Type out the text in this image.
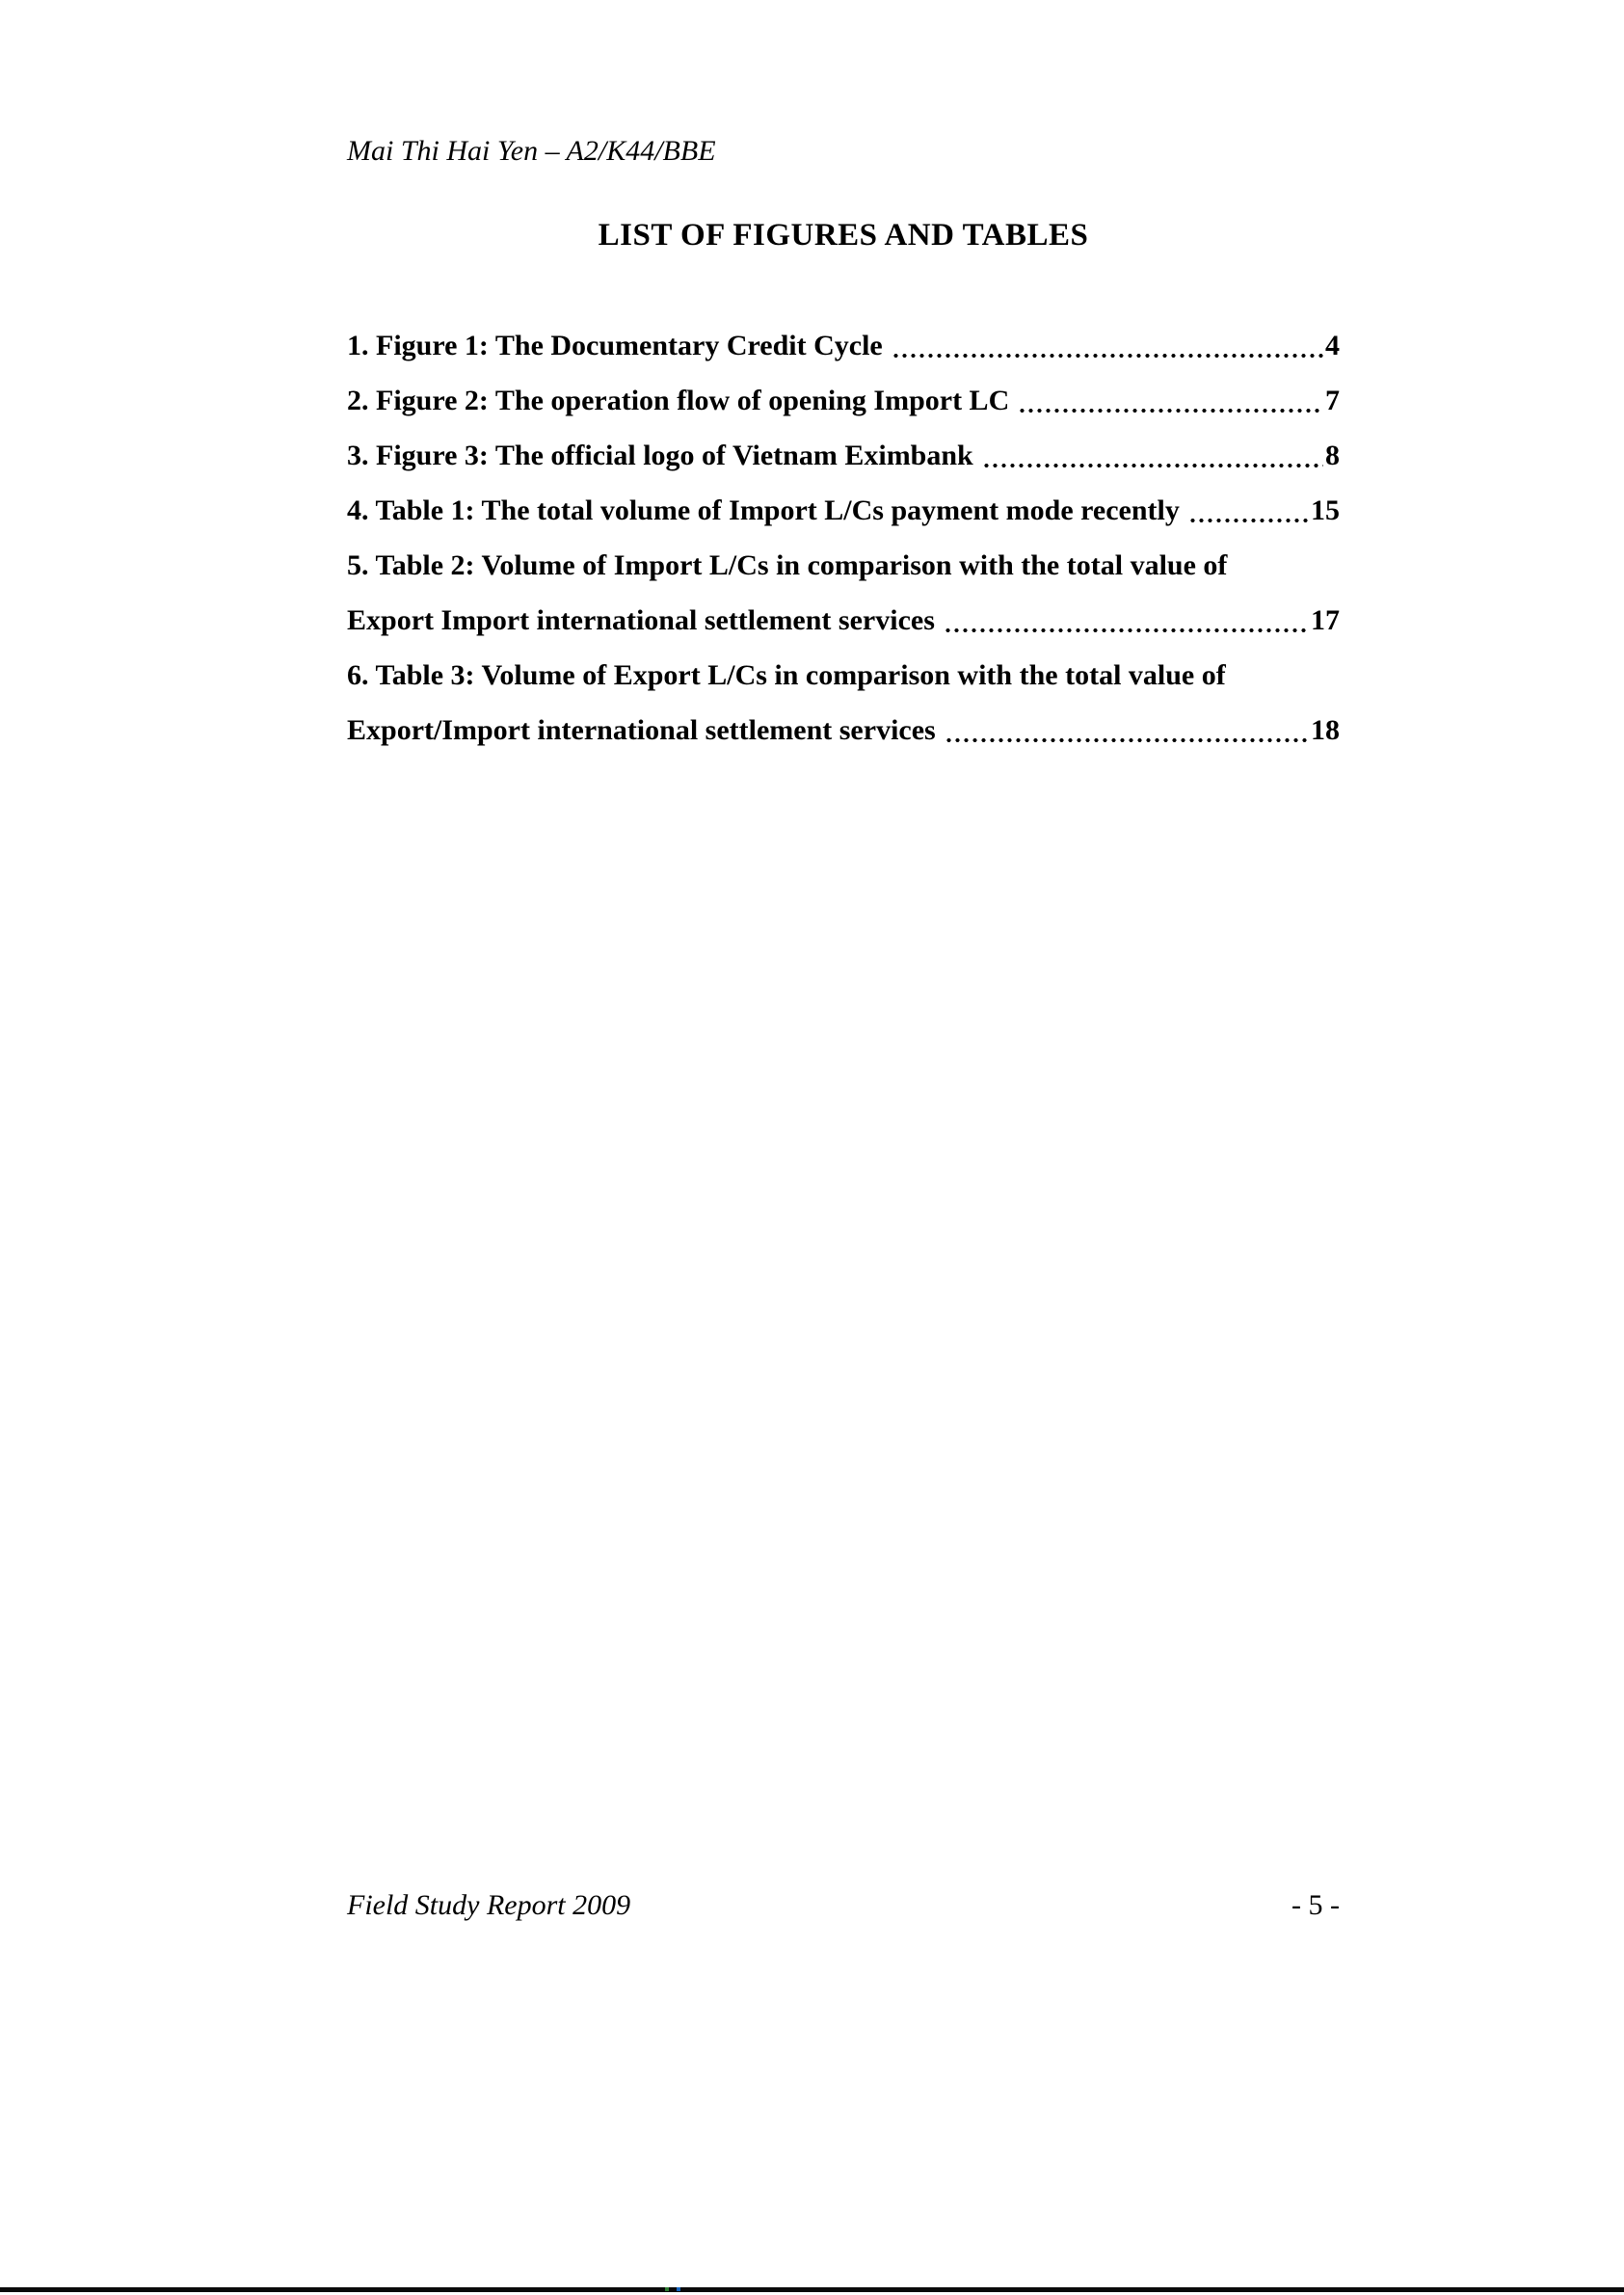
Mai Thi Hai Yen – A2/K44/BBE
LIST OF FIGURES AND TABLES
1. Figure 1: The Documentary Credit Cycle	4
2. Figure 2: The operation flow of opening Import LC	7
3. Figure 3: The official logo of Vietnam Eximbank	8
4. Table 1: The total volume of Import L/Cs payment mode recently	15
5. Table 2: Volume of Import L/Cs in comparison with the total value of
Export Import international settlement services	17
6. Table 3: Volume of Export L/Cs in comparison with the total value of
Export/Import international settlement services	18
Field Study Report 2009	- 5 -
